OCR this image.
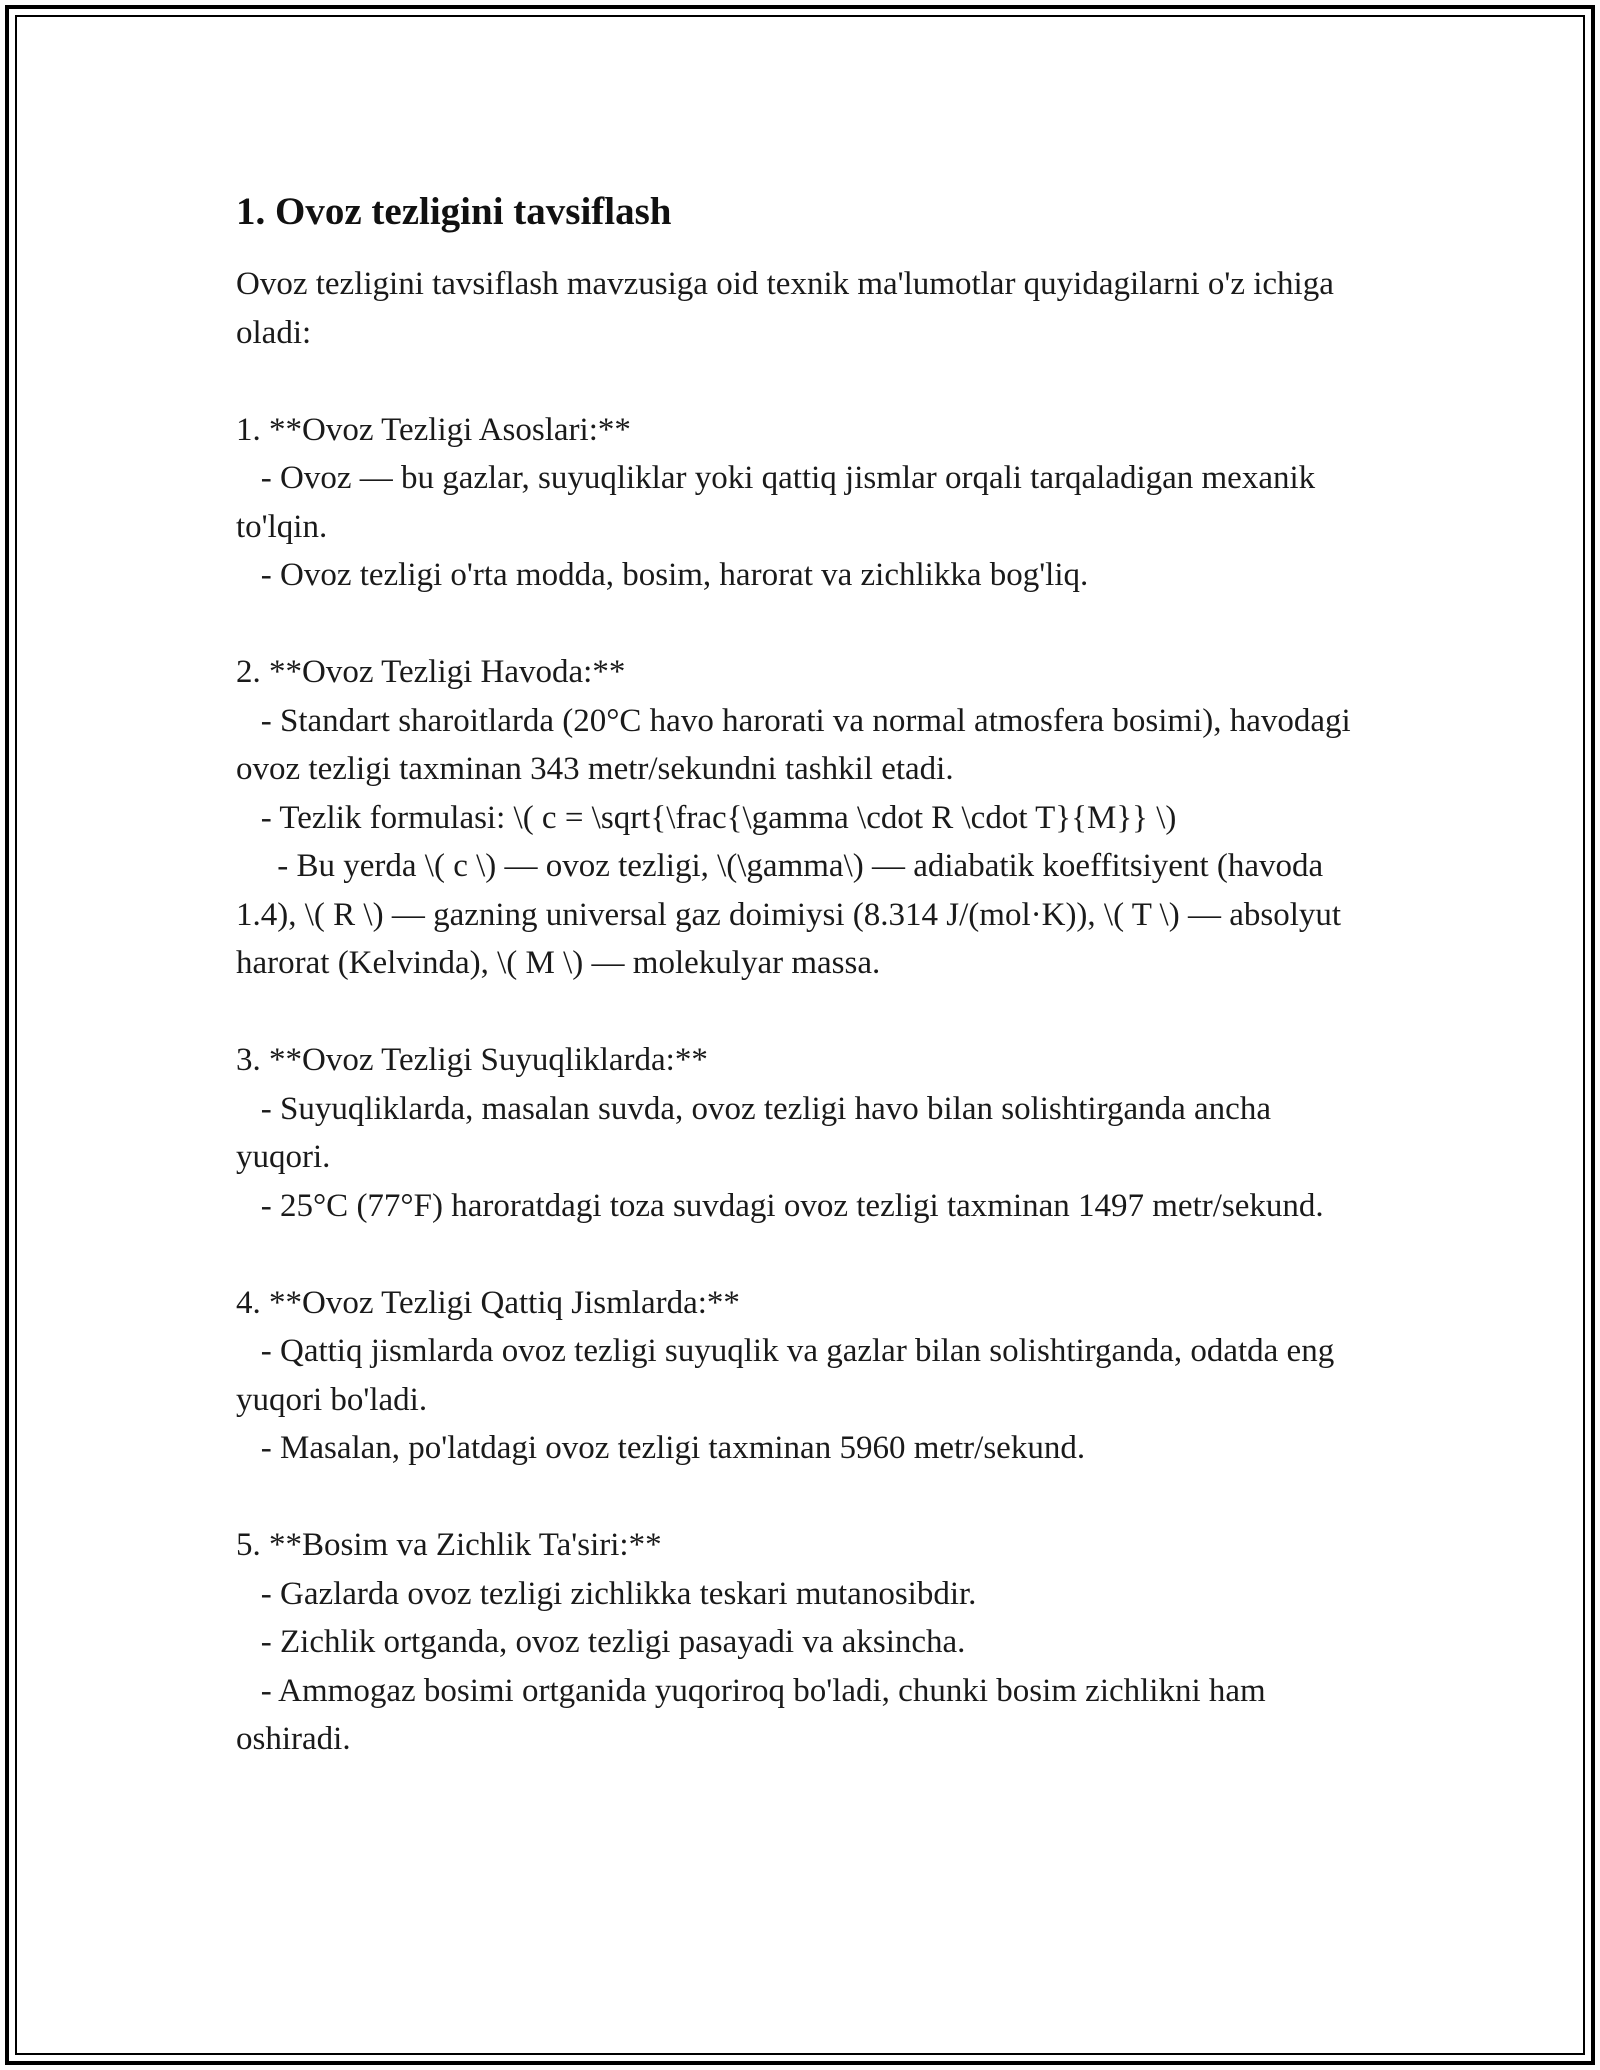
1. Ovoz tezligini tavsiflash

Ovoz tezligini tavsiflash mavzusiga oid texnik ma'lumotlar quyidagilarni o'z ichiga oladi:

1. **Ovoz Tezligi Asoslari:**
- Ovoz — bu gazlar, suyuqliklar yoki qattiq jismlar orqali tarqaladigan mexanik to'lqin.
- Ovoz tezligi o'rta modda, bosim, harorat va zichlikka bog'liq.
2. **Ovoz Tezligi Havoda:**
- Standart sharoitlarda (20°C havo harorati va normal atmosfera bosimi), havodagi ovoz tezligi taxminan 343 metr/sekundni tashkil etadi.
- Tezlik formulasi: \( c = \sqrt{\frac{\gamma \cdot R \cdot T}{M}} \)
- Bu yerda \( c \) — ovoz tezligi, \(\gamma\) — adiabatik koeffitsiyent (havoda 1.4), \( R \) — gazning universal gaz doimiysi (8.314 J/(mol·K)), \( T \) — absolyut harorat (Kelvinda), \( M \) — molekulyar massa.
3. **Ovoz Tezligi Suyuqliklarda:**
- Suyuqliklarda, masalan suvda, ovoz tezligi havo bilan solishtirganda ancha yuqori.
- 25°C (77°F) haroratdagi toza suvdagi ovoz tezligi taxminan 1497 metr/sekund.
4. **Ovoz Tezligi Qattiq Jismlarda:**
- Qattiq jismlarda ovoz tezligi suyuqlik va gazlar bilan solishtirganda, odatda eng yuqori bo'ladi.
- Masalan, po'latdagi ovoz tezligi taxminan 5960 metr/sekund.
5. **Bosim va Zichlik Ta'siri:**
- Gazlarda ovoz tezligi zichlikka teskari mutanosibdir.
- Zichlik ortganda, ovoz tezligi pasayadi va aksincha.
- Ammogaz bosimi ortganida yuqoriroq bo'ladi, chunki bosim zichlikni ham oshiradi.
